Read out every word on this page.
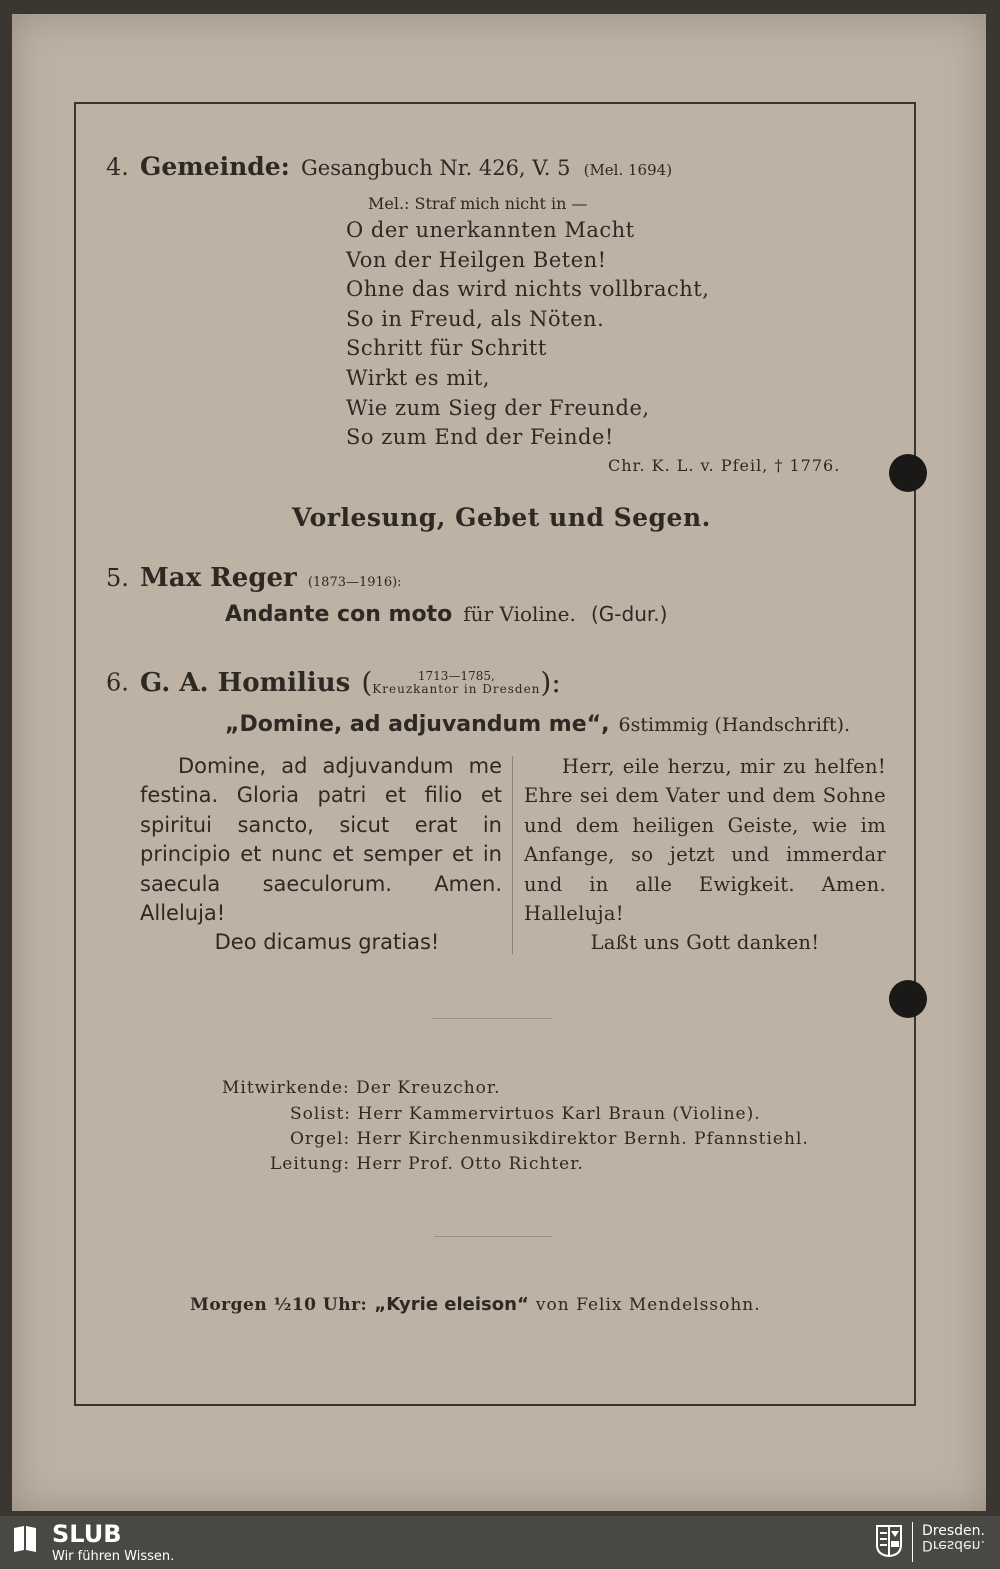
4. Gemeinde: Gesangbuch Nr. 426, V. 5 (Mel. 1694)
Mel.: Straf mich nicht in —
O der unerkannten Macht
Von der Heilgen Beten!
Ohne das wird nichts vollbracht,
So in Freud, als Nöten.
Schritt für Schritt
Wirkt es mit,
Wie zum Sieg der Freunde,
So zum End der Feinde!
Chr. K. L. v. Pfeil, † 1776.
Vorlesung, Gebet und Segen.
5. Max Reger (1873—1916):
Andante con moto für Violine. (G-dur.)
6. G. A. Homilius (	1713—1785,
Kreuzkantor in Dresden ):
„Domine, ad adjuvandum me“, 6stimmig (Handschrift).

Domine, ad adjuvandum me festina. Gloria patri et filio et spiritui sancto, sicut erat in principio et nunc et semper et in saecula saeculorum. Amen. Alleluja!

Deo dicamus gratias!

Herr, eile herzu, mir zu helfen! Ehre sei dem Vater und dem Sohne und dem heiligen Geiste, wie im Anfange, so jetzt und immerdar und in alle Ewigkeit. Amen. Halleluja!

Laßt uns Gott danken!

Mitwirkende: Der Kreuzchor.
Solist: Herr Kammervirtuos Karl Braun (Violine).
Orgel: Herr Kirchenmusikdirektor Bernh. Pfannstiehl.
Leitung: Herr Prof. Otto Richter.
Morgen ½10 Uhr: „Kyrie eleison“ von Felix Mendelssohn.
SLUB
Wir führen Wissen.
Dresden.
Dresden.
